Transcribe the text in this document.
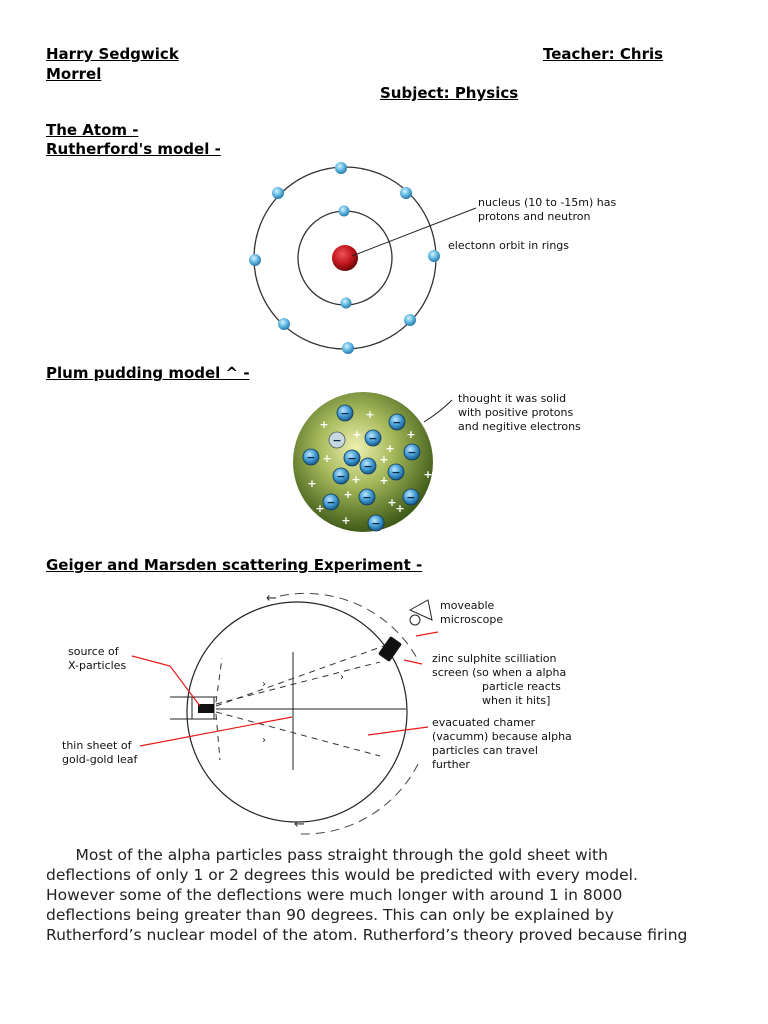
Harry Sedgwick	Teacher: Chris
Morrel
Subject: Physics
The Atom -
Rutherford's model -
−
−
− −
−	−	−
−
−	−
− −	−
−
+
+
+	+
+
+	+
+
+	+	+
+
+
+
+
+
←
←
›
›
›
nucleus (10 to -15m) has
protons and neutron
electonn orbit in rings
Plum pudding model ^ -
thought it was solid
with positive protons
and negitive electrons
Geiger and Marsden scattering Experiment -
source of
X-particles
thin sheet of
gold-gold leaf
moveable
microscope
zinc sulphite scilliation
screen (so when a alpha
particle reacts
when it hits]
evacuated chamer
(vacumm) because alpha
particles can travel
further
Most of the alpha particles pass straight through the gold sheet with
deflections of only 1 or 2 degrees this would be predicted with every model.
However some of the deflections were much longer with around 1 in 8000
deflections being greater than 90 degrees. This can only be explained by
Rutherford’s nuclear model of the atom. Rutherford’s theory proved because firing
